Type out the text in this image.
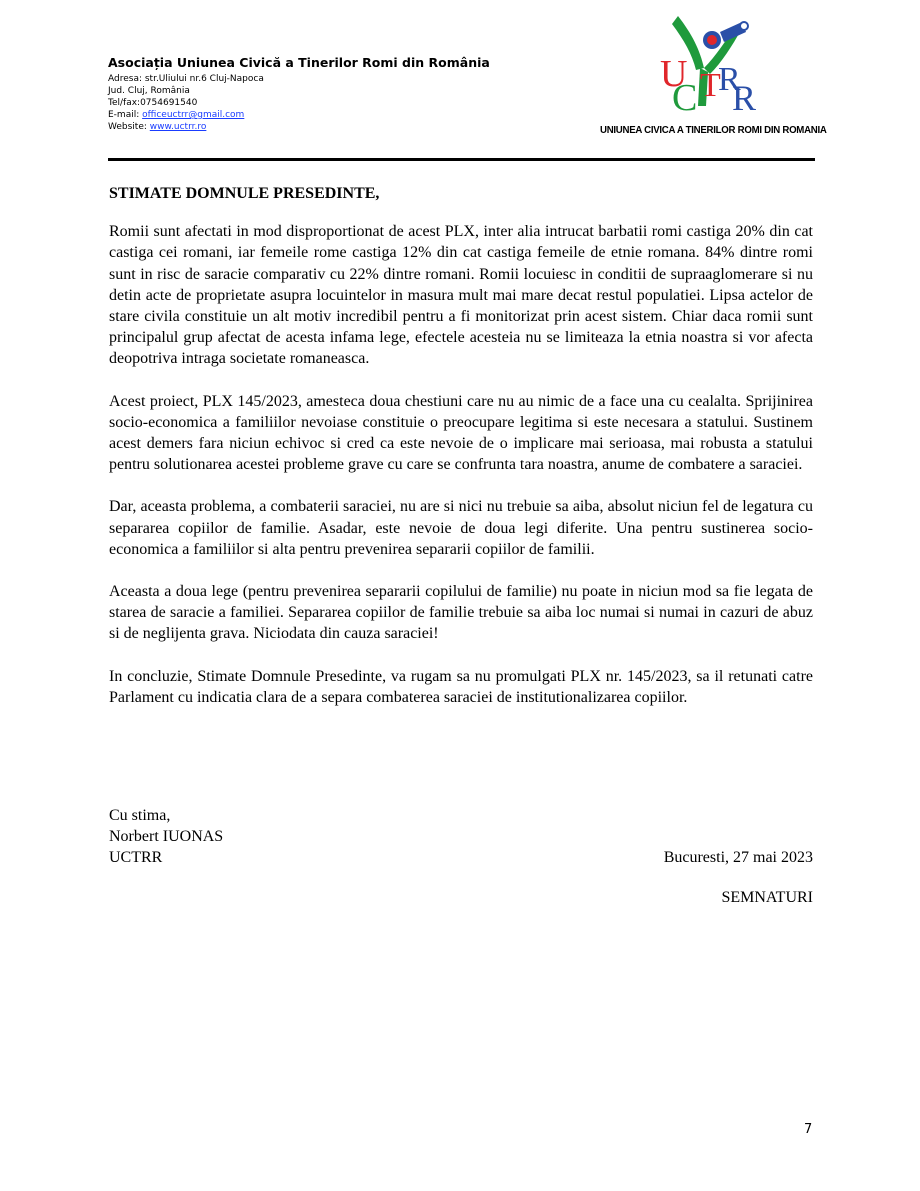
Asociația Uniunea Civică a Tinerilor Romi din România
Adresa: str.Uliului nr.6 Cluj-Napoca
Jud. Cluj, România
Tel/fax:0754691540
E-mail: officeuctrr@gmail.com
Website: www.uctrr.ro
U
C T
R
R
UNIUNEA CIVICA A TINERILOR ROMI DIN ROMANIA
STIMATE DOMNULE PRESEDINTE,

Romii sunt afectati in mod disproportionat de acest PLX, inter alia intrucat barbatii romi castiga 20% din cat castiga cei romani, iar femeile rome castiga 12% din cat castiga femeile de etnie romana. 84% dintre romi sunt in risc de saracie comparativ cu 22% dintre romani. Romii locuiesc in conditii de supraaglomerare si nu detin acte de proprietate asupra locuintelor in masura mult mai mare decat restul populatiei. Lipsa actelor de stare civila constituie un alt motiv incredibil pentru a fi monitorizat prin acest sistem. Chiar daca romii sunt principalul grup afectat de acesta infama lege, efectele acesteia nu se limiteaza la etnia noastra si vor afecta deopotriva intraga societate romaneasca.

Acest proiect, PLX 145/2023, amesteca doua chestiuni care nu au nimic de a face una cu cealalta. Sprijinirea socio-economica a familiilor nevoiase constituie o preocupare legitima si este necesara a statului. Sustinem acest demers fara niciun echivoc si cred ca este nevoie de o implicare mai serioasa, mai robusta a statului pentru solutionarea acestei probleme grave cu care se confrunta tara noastra, anume de combatere a saraciei.

Dar, aceasta problema, a combaterii saraciei, nu are si nici nu trebuie sa aiba, absolut niciun fel de legatura cu separarea copiilor de familie. Asadar, este nevoie de doua legi diferite. Una pentru sustinerea socio-economica a familiilor si alta pentru prevenirea separarii copiilor de familii.

Aceasta a doua lege (pentru prevenirea separarii copilului de familie) nu poate in niciun mod sa fie legata de starea de saracie a familiei. Separarea copiilor de familie trebuie sa aiba loc numai si numai in cazuri de abuz si de neglijenta grava. Niciodata din cauza saraciei!

In concluzie, Stimate Domnule Presedinte, va rugam sa nu promulgati PLX nr. 145/2023, sa il retunati catre Parlament cu indicatia clara de a separa combaterea saraciei de institutionalizarea copiilor.

Cu stima,
Norbert IUONAS
UCTRR	Bucuresti, 27 mai 2023
SEMNATURI
7
